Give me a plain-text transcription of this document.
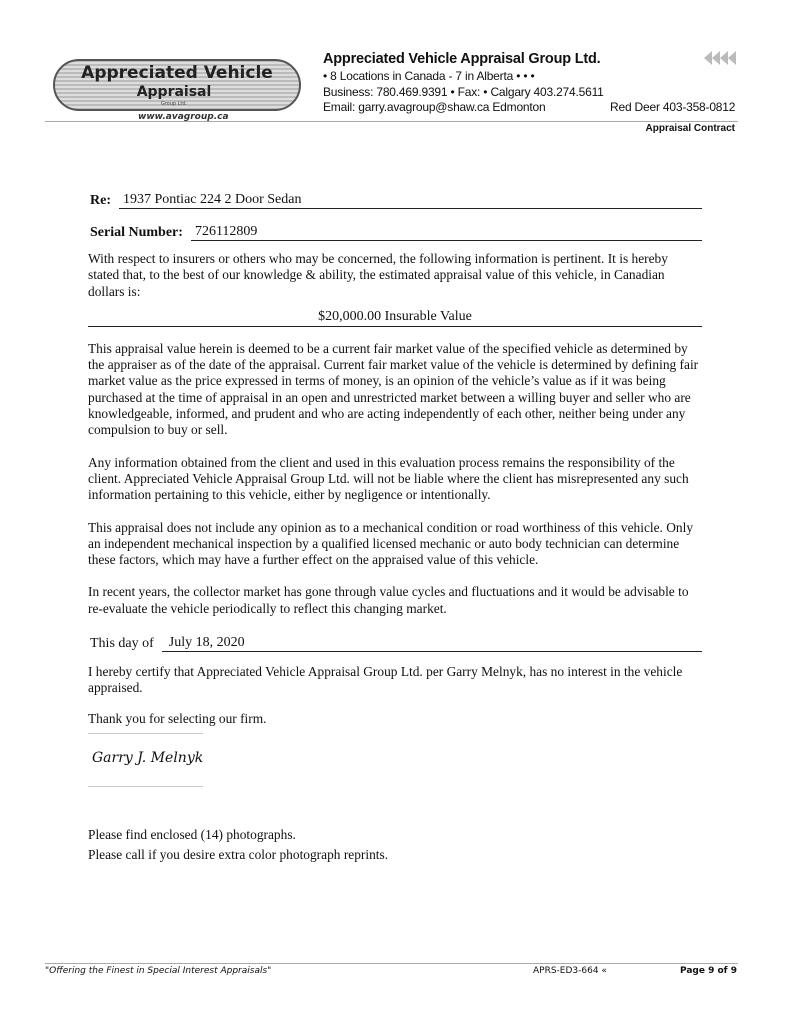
Appreciated Vehicle
Appraisal
Group Ltd.
www.avagroup.ca
Appreciated Vehicle Appraisal Group Ltd.
• 8 Locations in Canada - 7 in Alberta • • •
Business: 780.469.9391 • Fax: • Calgary 403.274.5611
Email: garry.avagroup@shaw.ca Edmonton	Red Deer 403-358-0812
Appraisal Contract
Re: 1937 Pontiac 224 2 Door Sedan
Serial Number: 726112809

With respect to insurers or others who may be concerned, the following information is pertinent. It is hereby stated that, to the best of our knowledge & ability, the estimated appraisal value of this vehicle, in Canadian dollars is:

$20,000.00 Insurable Value

This appraisal value herein is deemed to be a current fair market value of the specified vehicle as determined by the appraiser as of the date of the appraisal. Current fair market value of the vehicle is determined by defining fair market value as the price expressed in terms of money, is an opinion of the vehicle’s value as if it was being purchased at the time of appraisal in an open and unrestricted market between a willing buyer and seller who are knowledgeable, informed, and prudent and who are acting independently of each other, neither being under any compulsion to buy or sell.

Any information obtained from the client and used in this evaluation process remains the responsibility of the client. Appreciated Vehicle Appraisal Group Ltd. will not be liable where the client has misrepresented any such information pertaining to this vehicle, either by negligence or intentionally.

This appraisal does not include any opinion as to a mechanical condition or road worthiness of this vehicle. Only an independent mechanical inspection by a qualified licensed mechanic or auto body technician can determine these factors, which may have a further effect on the appraised value of this vehicle.

In recent years, the collector market has gone through value cycles and fluctuations and it would be advisable to re-evaluate the vehicle periodically to reflect this changing market.

This day of	July 18, 2020

I hereby certify that Appreciated Vehicle Appraisal Group Ltd. per Garry Melnyk, has no interest in the vehicle appraised.

Thank you for selecting our firm.

Garry J. Melnyk

Please find enclosed (14) photographs.

Please call if you desire extra color photograph reprints.

"Offering the Finest in Special Interest Appraisals"	APRS-ED3-664 «	Page 9 of 9
